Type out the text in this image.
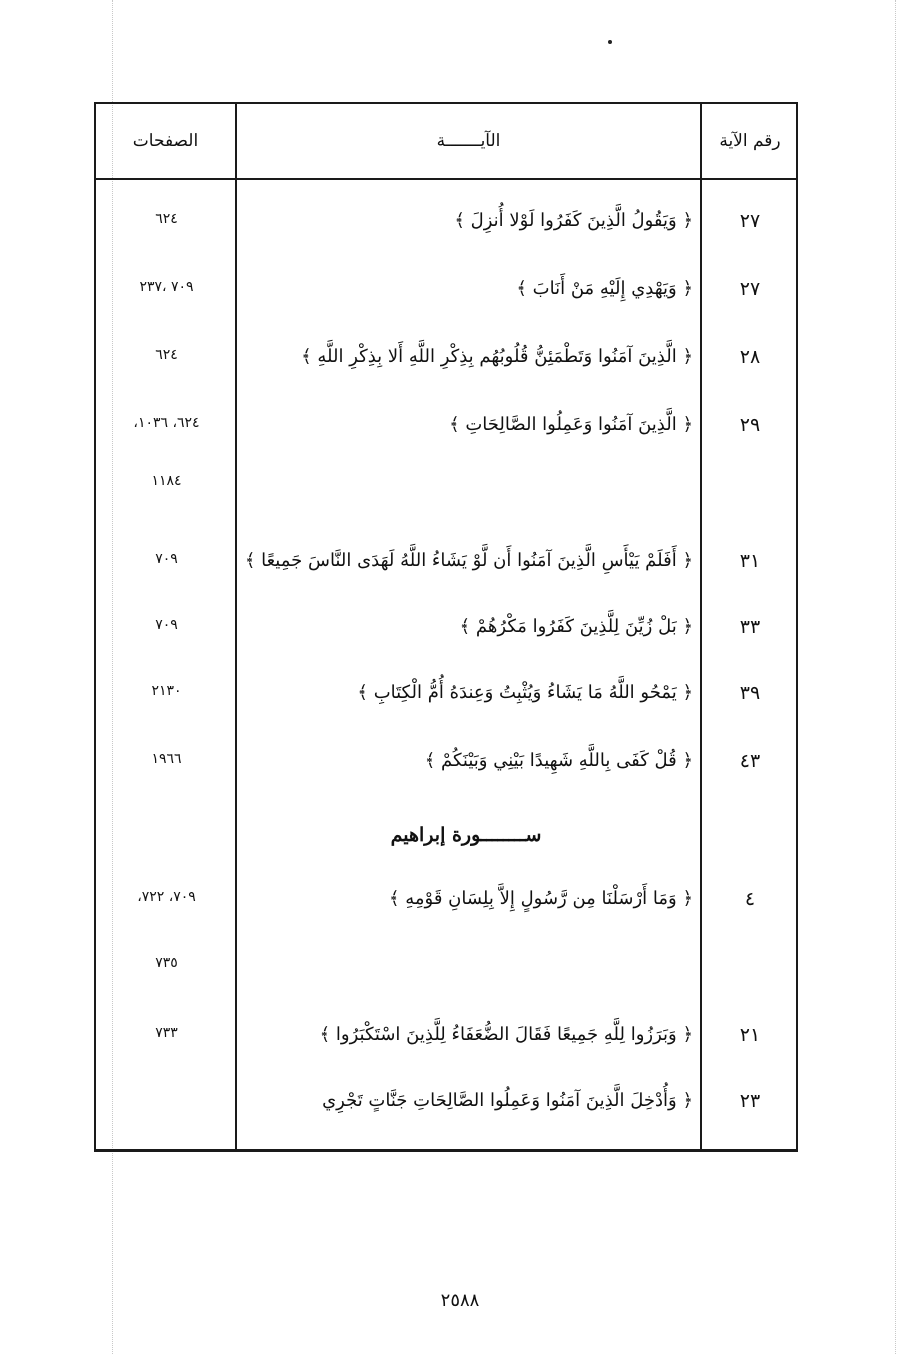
رقم الآية
الآيـــــــة
الصفحات
٢٧
﴿ وَيَقُولُ الَّذِينَ كَفَرُوا لَوْلا أُنزِلَ ﴾
٦٢٤
٢٧
﴿ وَيَهْدِي إِلَيْهِ مَنْ أَنَابَ ﴾
٧٠٩ ،٢٣٧
٢٨
﴿ الَّذِينَ آمَنُوا وَتَطْمَئِنُّ قُلُوبُهُم بِذِكْرِ اللَّهِ أَلا بِذِكْرِ اللَّهِ ﴾
٦٢٤
٢٩
﴿ الَّذِينَ آمَنُوا وَعَمِلُوا الصَّالِحَاتِ ﴾
٦٢٤، ١٠٣٦،
١١٨٤
٣١
﴿ أَفَلَمْ يَيْأَسِ الَّذِينَ آمَنُوا أَن لَّوْ يَشَاءُ اللَّهُ لَهَدَى النَّاسَ جَمِيعًا ﴾
٧٠٩
٣٣
﴿ بَلْ زُيِّنَ لِلَّذِينَ كَفَرُوا مَكْرُهُمْ ﴾
٧٠٩
٣٩
﴿ يَمْحُو اللَّهُ مَا يَشَاءُ وَيُثْبِتُ وَعِندَهُ أُمُّ الْكِتَابِ ﴾
٢١٣٠
٤٣
﴿ قُلْ كَفَى بِاللَّهِ شَهِيدًا بَيْنِي وَبَيْنَكُمْ ﴾
١٩٦٦
ســــــــورة إبراهيم
٤
﴿ وَمَا أَرْسَلْنَا مِن رَّسُولٍ إِلاَّ بِلِسَانِ قَوْمِهِ ﴾
٧٠٩، ٧٢٢،
٧٣٥
٢١
﴿ وَبَرَزُوا لِلَّهِ جَمِيعًا فَقَالَ الضُّعَفَاءُ لِلَّذِينَ اسْتَكْبَرُوا ﴾
٧٣٣
٢٣
﴿ وَأُدْخِلَ الَّذِينَ آمَنُوا وَعَمِلُوا الصَّالِحَاتِ جَنَّاتٍ تَجْرِي
٢٥٨٨
